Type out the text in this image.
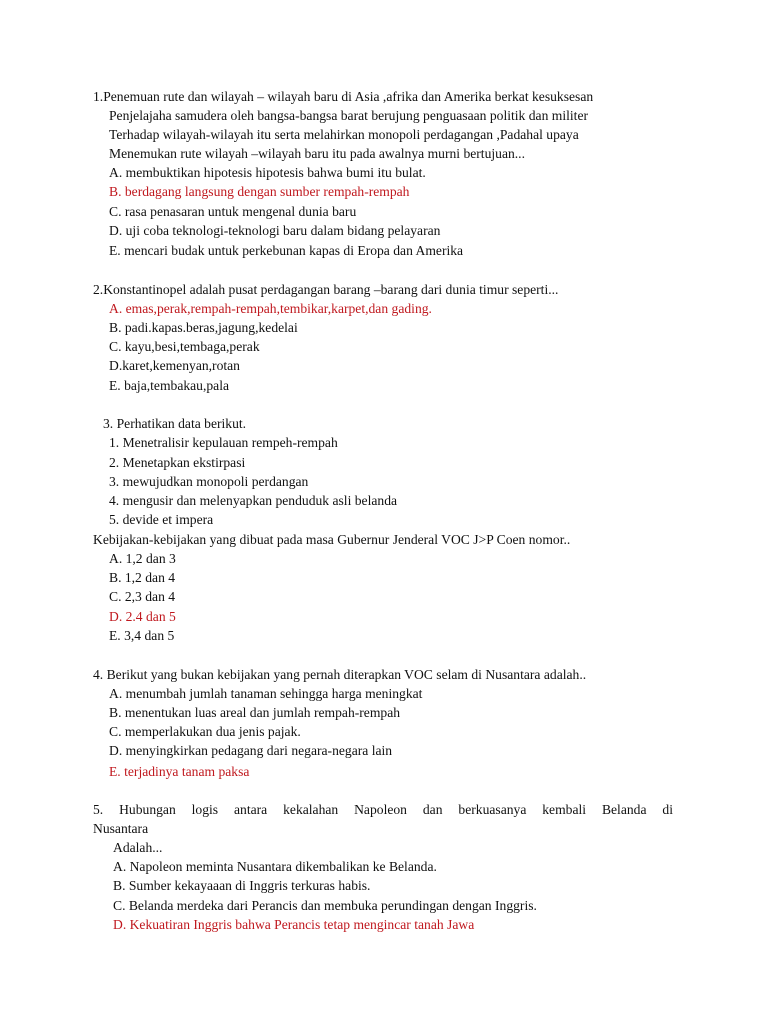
1.Penemuan rute dan wilayah – wilayah baru di Asia ,afrika dan Amerika berkat kesuksesan
Penjelajaha samudera oleh bangsa-bangsa barat berujung penguasaan politik dan militer
Terhadap wilayah-wilayah itu serta melahirkan monopoli perdagangan ,Padahal upaya
Menemukan rute wilayah –wilayah baru itu pada awalnya murni bertujuan...
A. membuktikan hipotesis hipotesis bahwa bumi itu bulat.
B. berdagang langsung dengan sumber rempah-rempah
C. rasa penasaran untuk mengenal dunia baru
D. uji coba teknologi-teknologi baru dalam bidang pelayaran
E. mencari budak untuk perkebunan kapas di Eropa dan Amerika
2.Konstantinopel adalah pusat perdagangan barang –barang dari dunia timur seperti...
A. emas,perak,rempah-rempah,tembikar,karpet,dan gading.
B. padi.kapas.beras,jagung,kedelai
C. kayu,besi,tembaga,perak
D.karet,kemenyan,rotan
E. baja,tembakau,pala
3. Perhatikan data berikut.
1. Menetralisir kepulauan rempeh-rempah
2. Menetapkan ekstirpasi
3. mewujudkan monopoli perdangan
4. mengusir dan melenyapkan penduduk asli belanda
5. devide et impera
Kebijakan-kebijakan yang dibuat pada masa Gubernur Jenderal VOC J>P Coen nomor..
A. 1,2 dan 3
B. 1,2 dan 4
C. 2,3 dan 4
D. 2.4 dan 5
E. 3,4 dan 5
4. Berikut yang bukan kebijakan yang pernah diterapkan VOC selam di Nusantara adalah..
A. menumbah jumlah tanaman sehingga harga meningkat
B. menentukan luas areal dan jumlah rempah-rempah
C. memperlakukan dua jenis pajak.
D. menyingkirkan pedagang dari negara-negara lain
E. terjadinya tanam paksa
5. Hubungan logis antara kekalahan Napoleon dan berkuasanya kembali Belanda di
Nusantara
Adalah...
A. Napoleon meminta Nusantara dikembalikan ke Belanda.
B. Sumber kekayaaan di Inggris terkuras habis.
C. Belanda merdeka dari Perancis dan membuka perundingan dengan Inggris.
D. Kekuatiran Inggris bahwa Perancis tetap mengincar tanah Jawa
